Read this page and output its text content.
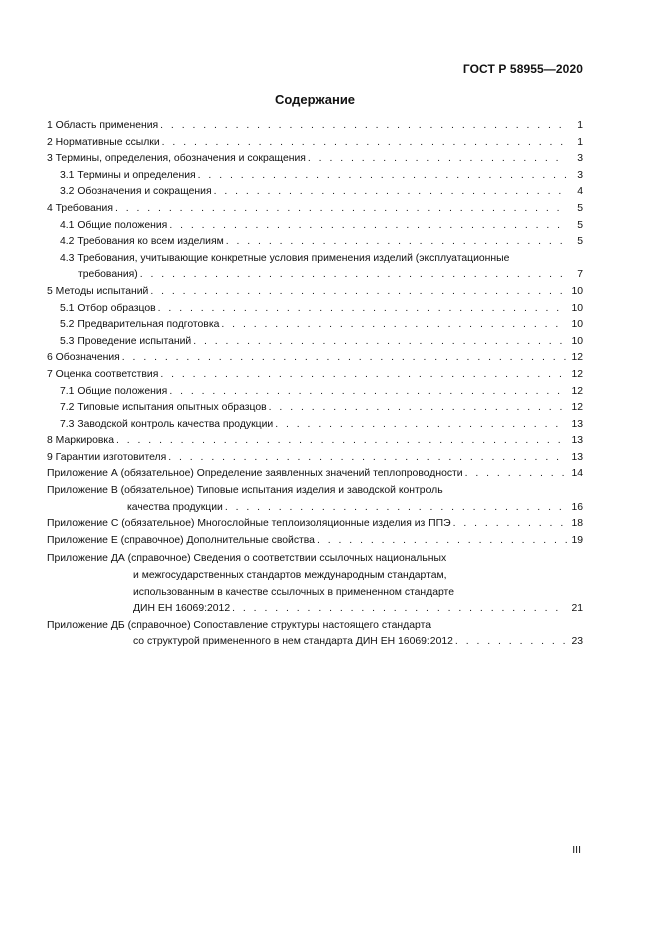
ГОСТ Р 58955—2020
Содержание
1 Область применения . . .	1
2 Нормативные ссылки . . .	1
3 Термины, определения, обозначения и сокращения . . .	3
3.1 Термины и определения . . .	3
3.2 Обозначения и сокращения . . .	4
4 Требования . . .	5
4.1 Общие положения . . .	5
4.2 Требования ко всем изделиям . . .	5
4.3 Требования, учитывающие конкретные условия применения изделий (эксплуатационные
требования) . . .	7
5 Методы испытаний . . .	10
5.1 Отбор образцов . . .	10
5.2 Предварительная подготовка . . .	10
5.3 Проведение испытаний . . .	10
6 Обозначения . . .	12
7 Оценка соответствия . . .	12
7.1 Общие положения . . .	12
7.2 Типовые испытания опытных образцов . . .	12
7.3 Заводской контроль качества продукции . . .	13
8 Маркировка . . .	13
9 Гарантии изготовителя . . .	13
Приложение А (обязательное) Определение заявленных значений теплопроводности . . .	14
Приложение В (обязательное) Типовые испытания изделия и заводской контроль
качества продукции . . .	16
Приложение С (обязательное) Многослойные теплоизоляционные изделия из ППЭ . . .	18
Приложение Е (справочное) Дополнительные свойства . . .	19
Приложение ДА (справочное) Сведения о соответствии ссылочных национальных
и межгосударственных стандартов международным стандартам,
использованным в качестве ссылочных в примененном стандарте
ДИН ЕН 16069:2012 . . .	21
Приложение ДБ (справочное) Сопоставление структуры настоящего стандарта
со структурой примененного в нем стандарта ДИН ЕН 16069:2012 . . .	23
III
